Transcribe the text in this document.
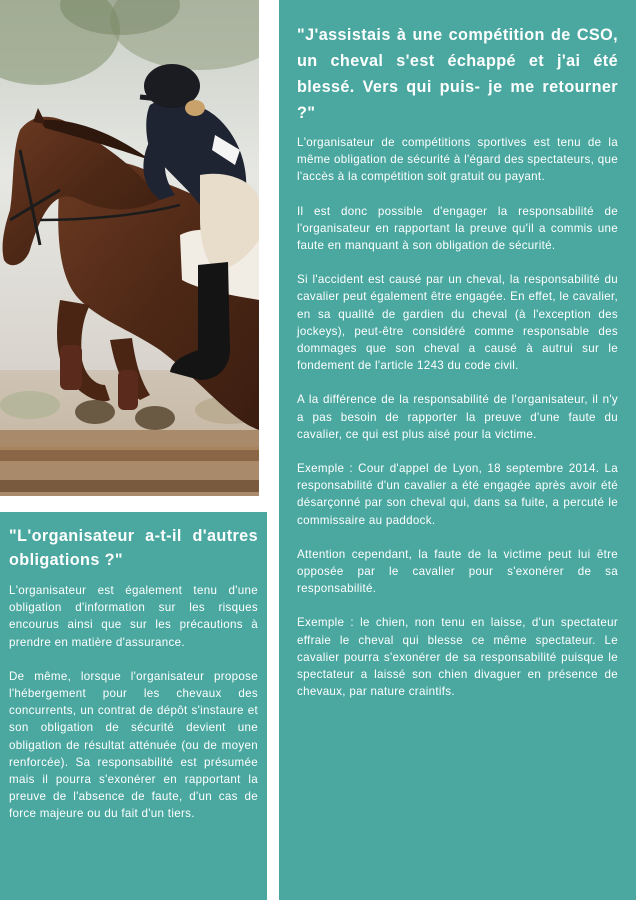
"J'assistais à une compétition de CSO, un cheval s'est échappé et j'ai été blessé. Vers qui puis- je me retourner ?"

L'organisateur de compétitions sportives est tenu de la même obligation de sécurité à l'égard des spectateurs, que l'accès à la compétition soit gratuit ou payant.

Il est donc possible d'engager la responsabilité de l'organisateur en rapportant la preuve qu'il a commis une faute en manquant à son obligation de sécurité.

Si l'accident est causé par un cheval, la responsabilité du cavalier peut également être engagée. En effet, le cavalier, en sa qualité de gardien du cheval (à l'exception des jockeys), peut-être considéré comme responsable des dommages que son cheval a causé à autrui sur le fondement de l'article 1243 du code civil.

A la différence de la responsabilité de l'organisateur, il n'y a pas besoin de rapporter la preuve d'une faute du cavalier, ce qui est plus aisé pour la victime.

Exemple : Cour d'appel de Lyon, 18 septembre 2014. La responsabilité d'un cavalier a été engagée après avoir été désarçonné par son cheval qui, dans sa fuite, a percuté le commissaire au paddock.

Attention cependant, la faute de la victime peut lui être opposée par le cavalier pour s'exonérer de sa responsabilité.

Exemple : le chien, non tenu en laisse, d'un spectateur effraie le cheval qui blesse ce même spectateur. Le cavalier pourra s'exonérer de sa responsabilité puisque le spectateur a laissé son chien divaguer en présence de chevaux, par nature craintifs.

"L'organisateur a-t-il d'autres obligations ?"

L'organisateur est également tenu d'une obligation d'information sur les risques encourus ainsi que sur les précautions à prendre en matière d'assurance.

De même, lorsque l'organisateur propose l'hébergement pour les chevaux des concurrents, un contrat de dépôt s'instaure et son obligation de sécurité devient une obligation de résultat atténuée (ou de moyen renforcée). Sa responsabilité est présumée mais il pourra s'exonérer en rapportant la preuve de l'absence de faute, d'un cas de force majeure ou du fait d'un tiers.
